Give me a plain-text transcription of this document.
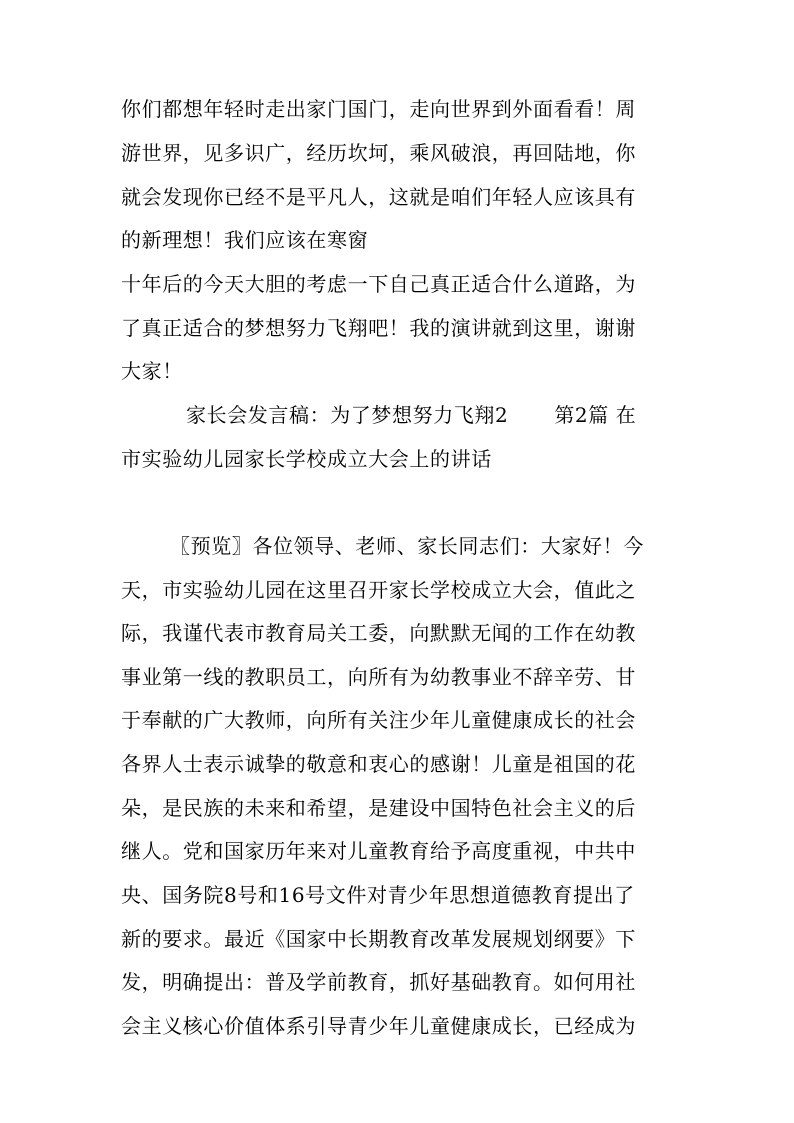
你们都想年轻时走出家门国门，走向世界到外面看看！周
游世界，见多识广，经历坎坷，乘风破浪，再回陆地，你
就会发现你已经不是平凡人，这就是咱们年轻人应该具有
的新理想！我们应该在寒窗
十年后的今天大胆的考虑一下自己真正适合什么道路，为
了真正适合的梦想努力飞翔吧！我的演讲就到这里，谢谢
大家！
家长会发言稿：为了梦想努力飞翔2 第2篇 在
市实验幼儿园家长学校成立大会上的讲话
〖预览〗各位领导、老师、家长同志们：大家好！今
天，市实验幼儿园在这里召开家长学校成立大会，值此之
际，我谨代表市教育局关工委，向默默无闻的工作在幼教
事业第一线的教职员工，向所有为幼教事业不辞辛劳、甘
于奉献的广大教师，向所有关注少年儿童健康成长的社会
各界人士表示诚挚的敬意和衷心的感谢！儿童是祖国的花
朵，是民族的未来和希望，是建设中国特色社会主义的后
继人。党和国家历年来对儿童教育给予高度重视，中共中
央、国务院8号和16号文件对青少年思想道德教育提出了
新的要求。最近《国家中长期教育改革发展规划纲要》下
发，明确提出：普及学前教育，抓好基础教育。如何用社
会主义核心价值体系引导青少年儿童健康成长，已经成为
